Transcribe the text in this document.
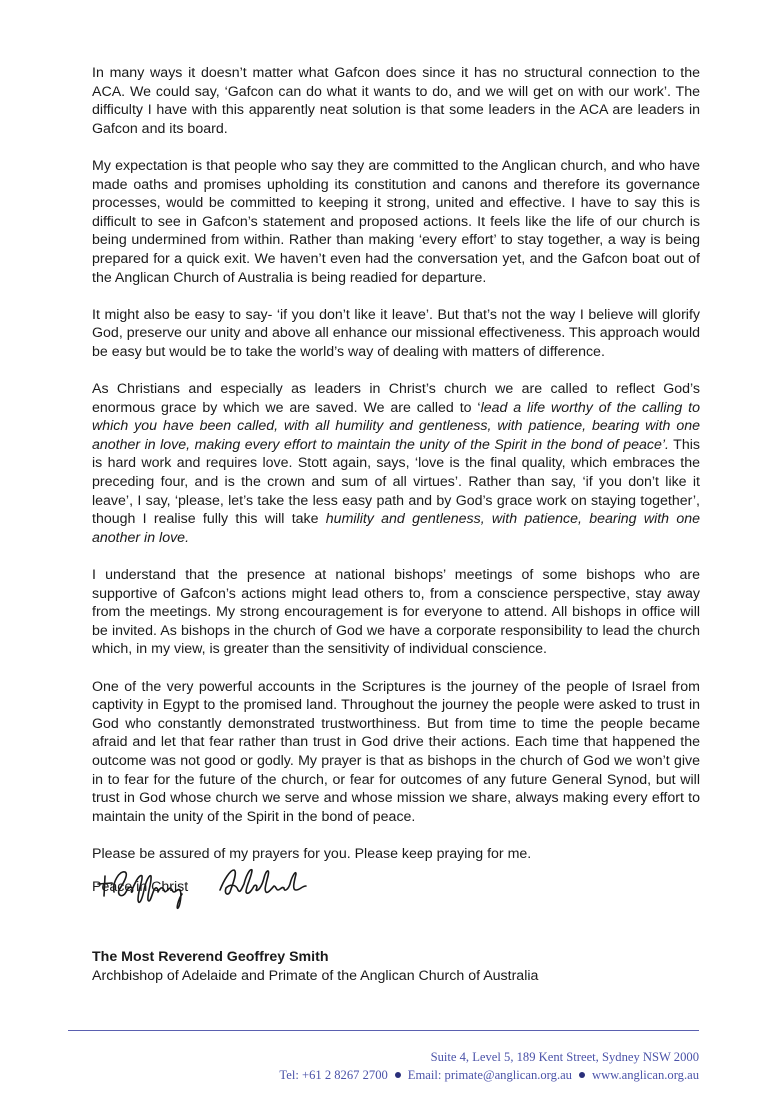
In many ways it doesn’t matter what Gafcon does since it has no structural connection to the ACA. We could say, ‘Gafcon can do what it wants to do, and we will get on with our work’. The difficulty I have with this apparently neat solution is that some leaders in the ACA are leaders in Gafcon and its board.

My expectation is that people who say they are committed to the Anglican church, and who have made oaths and promises upholding its constitution and canons and therefore its governance processes, would be committed to keeping it strong, united and effective. I have to say this is difficult to see in Gafcon’s statement and proposed actions. It feels like the life of our church is being undermined from within. Rather than making ‘every effort’ to stay together, a way is being prepared for a quick exit. We haven’t even had the conversation yet, and the Gafcon boat out of the Anglican Church of Australia is being readied for departure.

It might also be easy to say- ‘if you don’t like it leave’. But that’s not the way I believe will glorify God, preserve our unity and above all enhance our missional effectiveness. This approach would be easy but would be to take the world’s way of dealing with matters of difference.

As Christians and especially as leaders in Christ’s church we are called to reflect God’s enormous grace by which we are saved. We are called to ‘lead a life worthy of the calling to which you have been called, with all humility and gentleness, with patience, bearing with one another in love, making every effort to maintain the unity of the Spirit in the bond of peace’. This is hard work and requires love. Stott again, says, ‘love is the final quality, which embraces the preceding four, and is the crown and sum of all virtues’. Rather than say, ‘if you don’t like it leave’, I say, ‘please, let’s take the less easy path and by God’s grace work on staying together’, though I realise fully this will take humility and gentleness, with patience, bearing with one another in love.

I understand that the presence at national bishops’ meetings of some bishops who are supportive of Gafcon’s actions might lead others to, from a conscience perspective, stay away from the meetings. My strong encouragement is for everyone to attend. All bishops in office will be invited. As bishops in the church of God we have a corporate responsibility to lead the church which, in my view, is greater than the sensitivity of individual conscience.

One of the very powerful accounts in the Scriptures is the journey of the people of Israel from captivity in Egypt to the promised land. Throughout the journey the people were asked to trust in God who constantly demonstrated trustworthiness. But from time to time the people became afraid and let that fear rather than trust in God drive their actions. Each time that happened the outcome was not good or godly. My prayer is that as bishops in the church of God we won’t give in to fear for the future of the church, or fear for outcomes of any future General Synod, but will trust in God whose church we serve and whose mission we share, always making every effort to maintain the unity of the Spirit in the bond of peace.

Please be assured of my prayers for you. Please keep praying for me.

Peace in Christ

The Most Reverend Geoffrey Smith

Archbishop of Adelaide and Primate of the Anglican Church of Australia

Suite 4, Level 5, 189 Kent Street, Sydney NSW 2000
Tel: +61 2 8267 2700 Email: primate@anglican.org.au www.anglican.org.au
